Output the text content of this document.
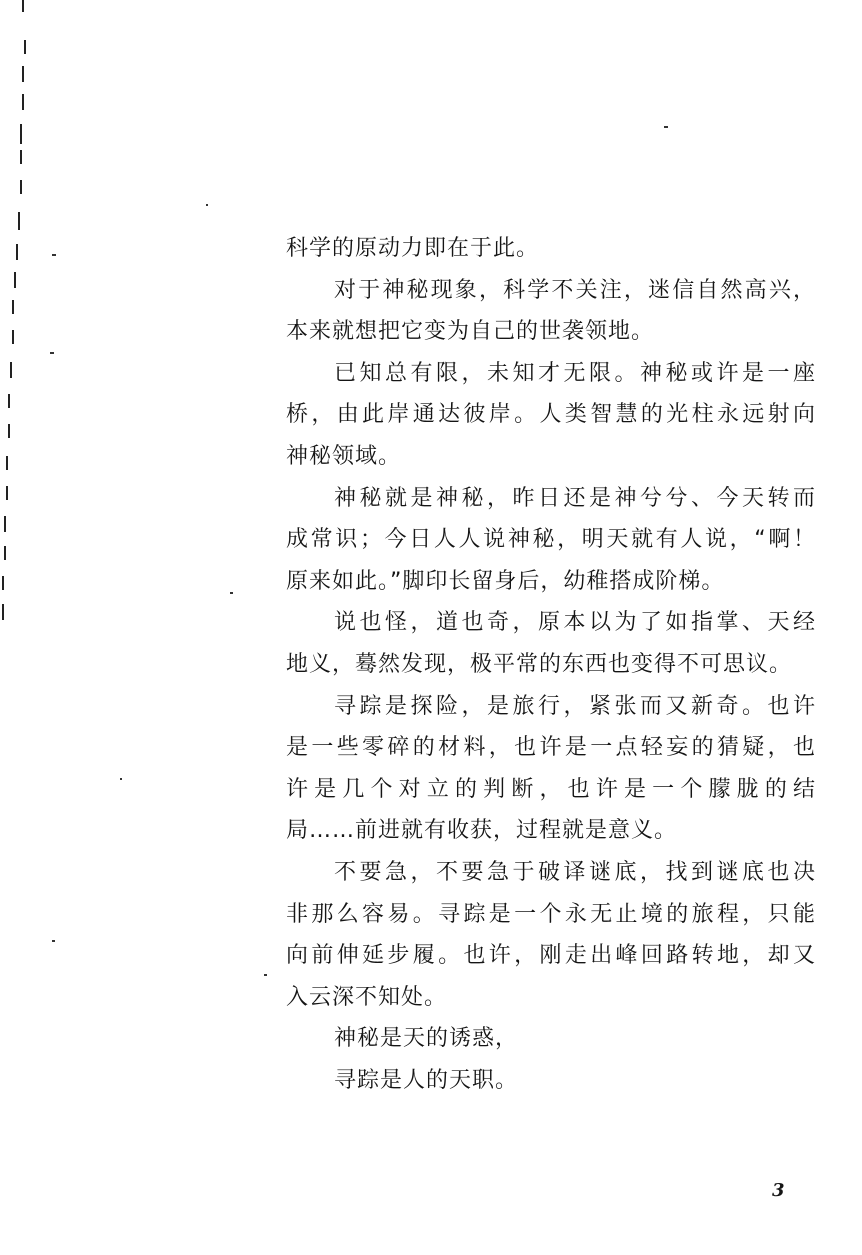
科学的原动力即在于此。
对于神秘现象，科学不关注，迷信自然高兴，
本来就想把它变为自己的世袭领地。
已知总有限，未知才无限。神秘或许是一座
桥，由此岸通达彼岸。人类智慧的光柱永远射向
神秘领域。
神秘就是神秘，昨日还是神兮兮、今天转而
成常识；今日人人说神秘，明天就有人说，“啊！
原来如此。”脚印长留身后，幼稚搭成阶梯。
说也怪，道也奇，原本以为了如指掌、天经
地义，蓦然发现，极平常的东西也变得不可思议。
寻踪是探险，是旅行，紧张而又新奇。也许
是一些零碎的材料，也许是一点轻妄的猜疑，也
许是几个对立的判断，也许是一个朦胧的结
局……前进就有收获，过程就是意义。
不要急，不要急于破译谜底，找到谜底也决
非那么容易。寻踪是一个永无止境的旅程，只能
向前伸延步履。也许，刚走出峰回路转地，却又
入云深不知处。
神秘是天的诱惑，
寻踪是人的天职。
3
